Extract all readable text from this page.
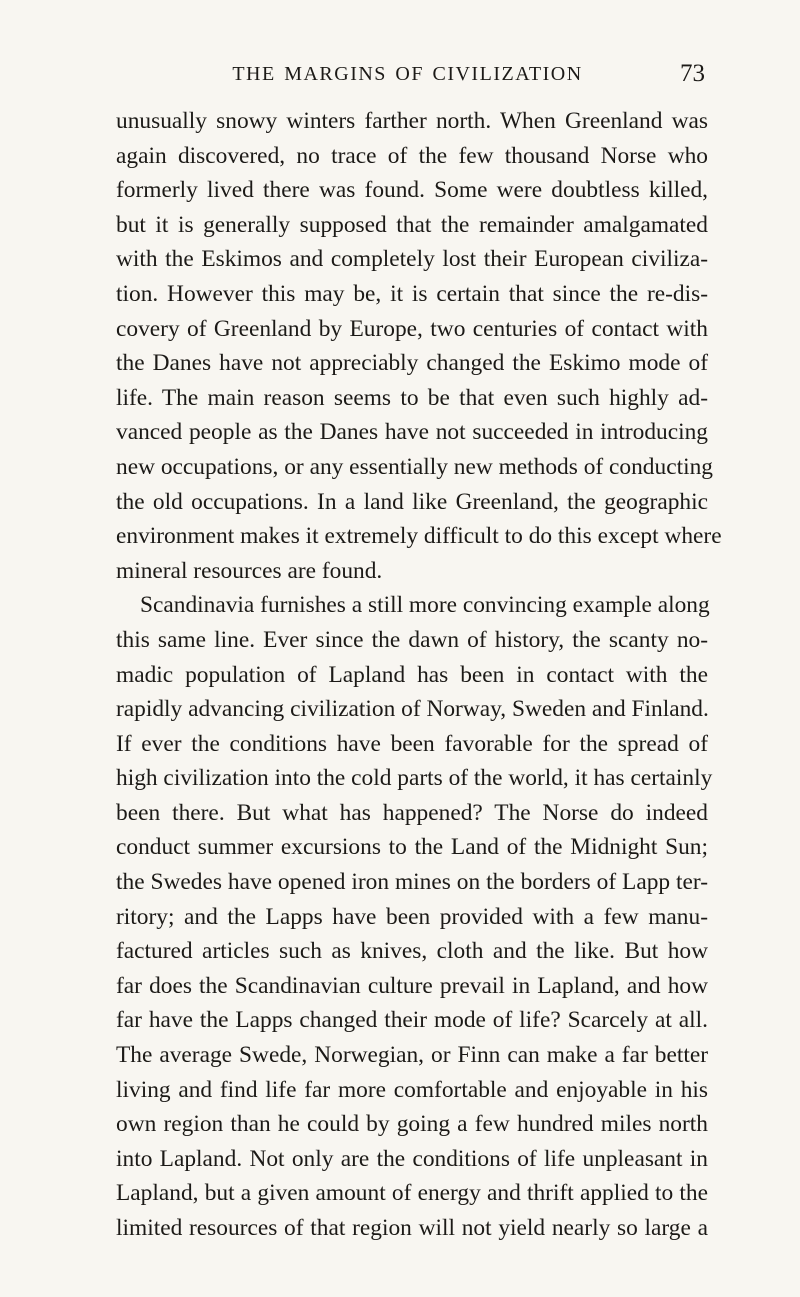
THE MARGINS OF CIVILIZATION	73
unusually snowy winters farther north. When Greenland was
again discovered, no trace of the few thousand Norse who
formerly lived there was found. Some were doubtless killed,
but it is generally supposed that the remainder amalgamated
with the Eskimos and completely lost their European civiliza-
tion. However this may be, it is certain that since the re-dis-
covery of Greenland by Europe, two centuries of contact with
the Danes have not appreciably changed the Eskimo mode of
life. The main reason seems to be that even such highly ad-
vanced people as the Danes have not succeeded in introducing
new occupations, or any essentially new methods of conducting
the old occupations. In a land like Greenland, the geographic
environment makes it extremely difficult to do this except where
mineral resources are found.
Scandinavia furnishes a still more convincing example along
this same line. Ever since the dawn of history, the scanty no-
madic population of Lapland has been in contact with the
rapidly advancing civilization of Norway, Sweden and Finland.
If ever the conditions have been favorable for the spread of
high civilization into the cold parts of the world, it has certainly
been there. But what has happened? The Norse do indeed
conduct summer excursions to the Land of the Midnight Sun;
the Swedes have opened iron mines on the borders of Lapp ter-
ritory; and the Lapps have been provided with a few manu-
factured articles such as knives, cloth and the like. But how
far does the Scandinavian culture prevail in Lapland, and how
far have the Lapps changed their mode of life? Scarcely at all.
The average Swede, Norwegian, or Finn can make a far better
living and find life far more comfortable and enjoyable in his
own region than he could by going a few hundred miles north
into Lapland. Not only are the conditions of life unpleasant in
Lapland, but a given amount of energy and thrift applied to the
limited resources of that region will not yield nearly so large a
